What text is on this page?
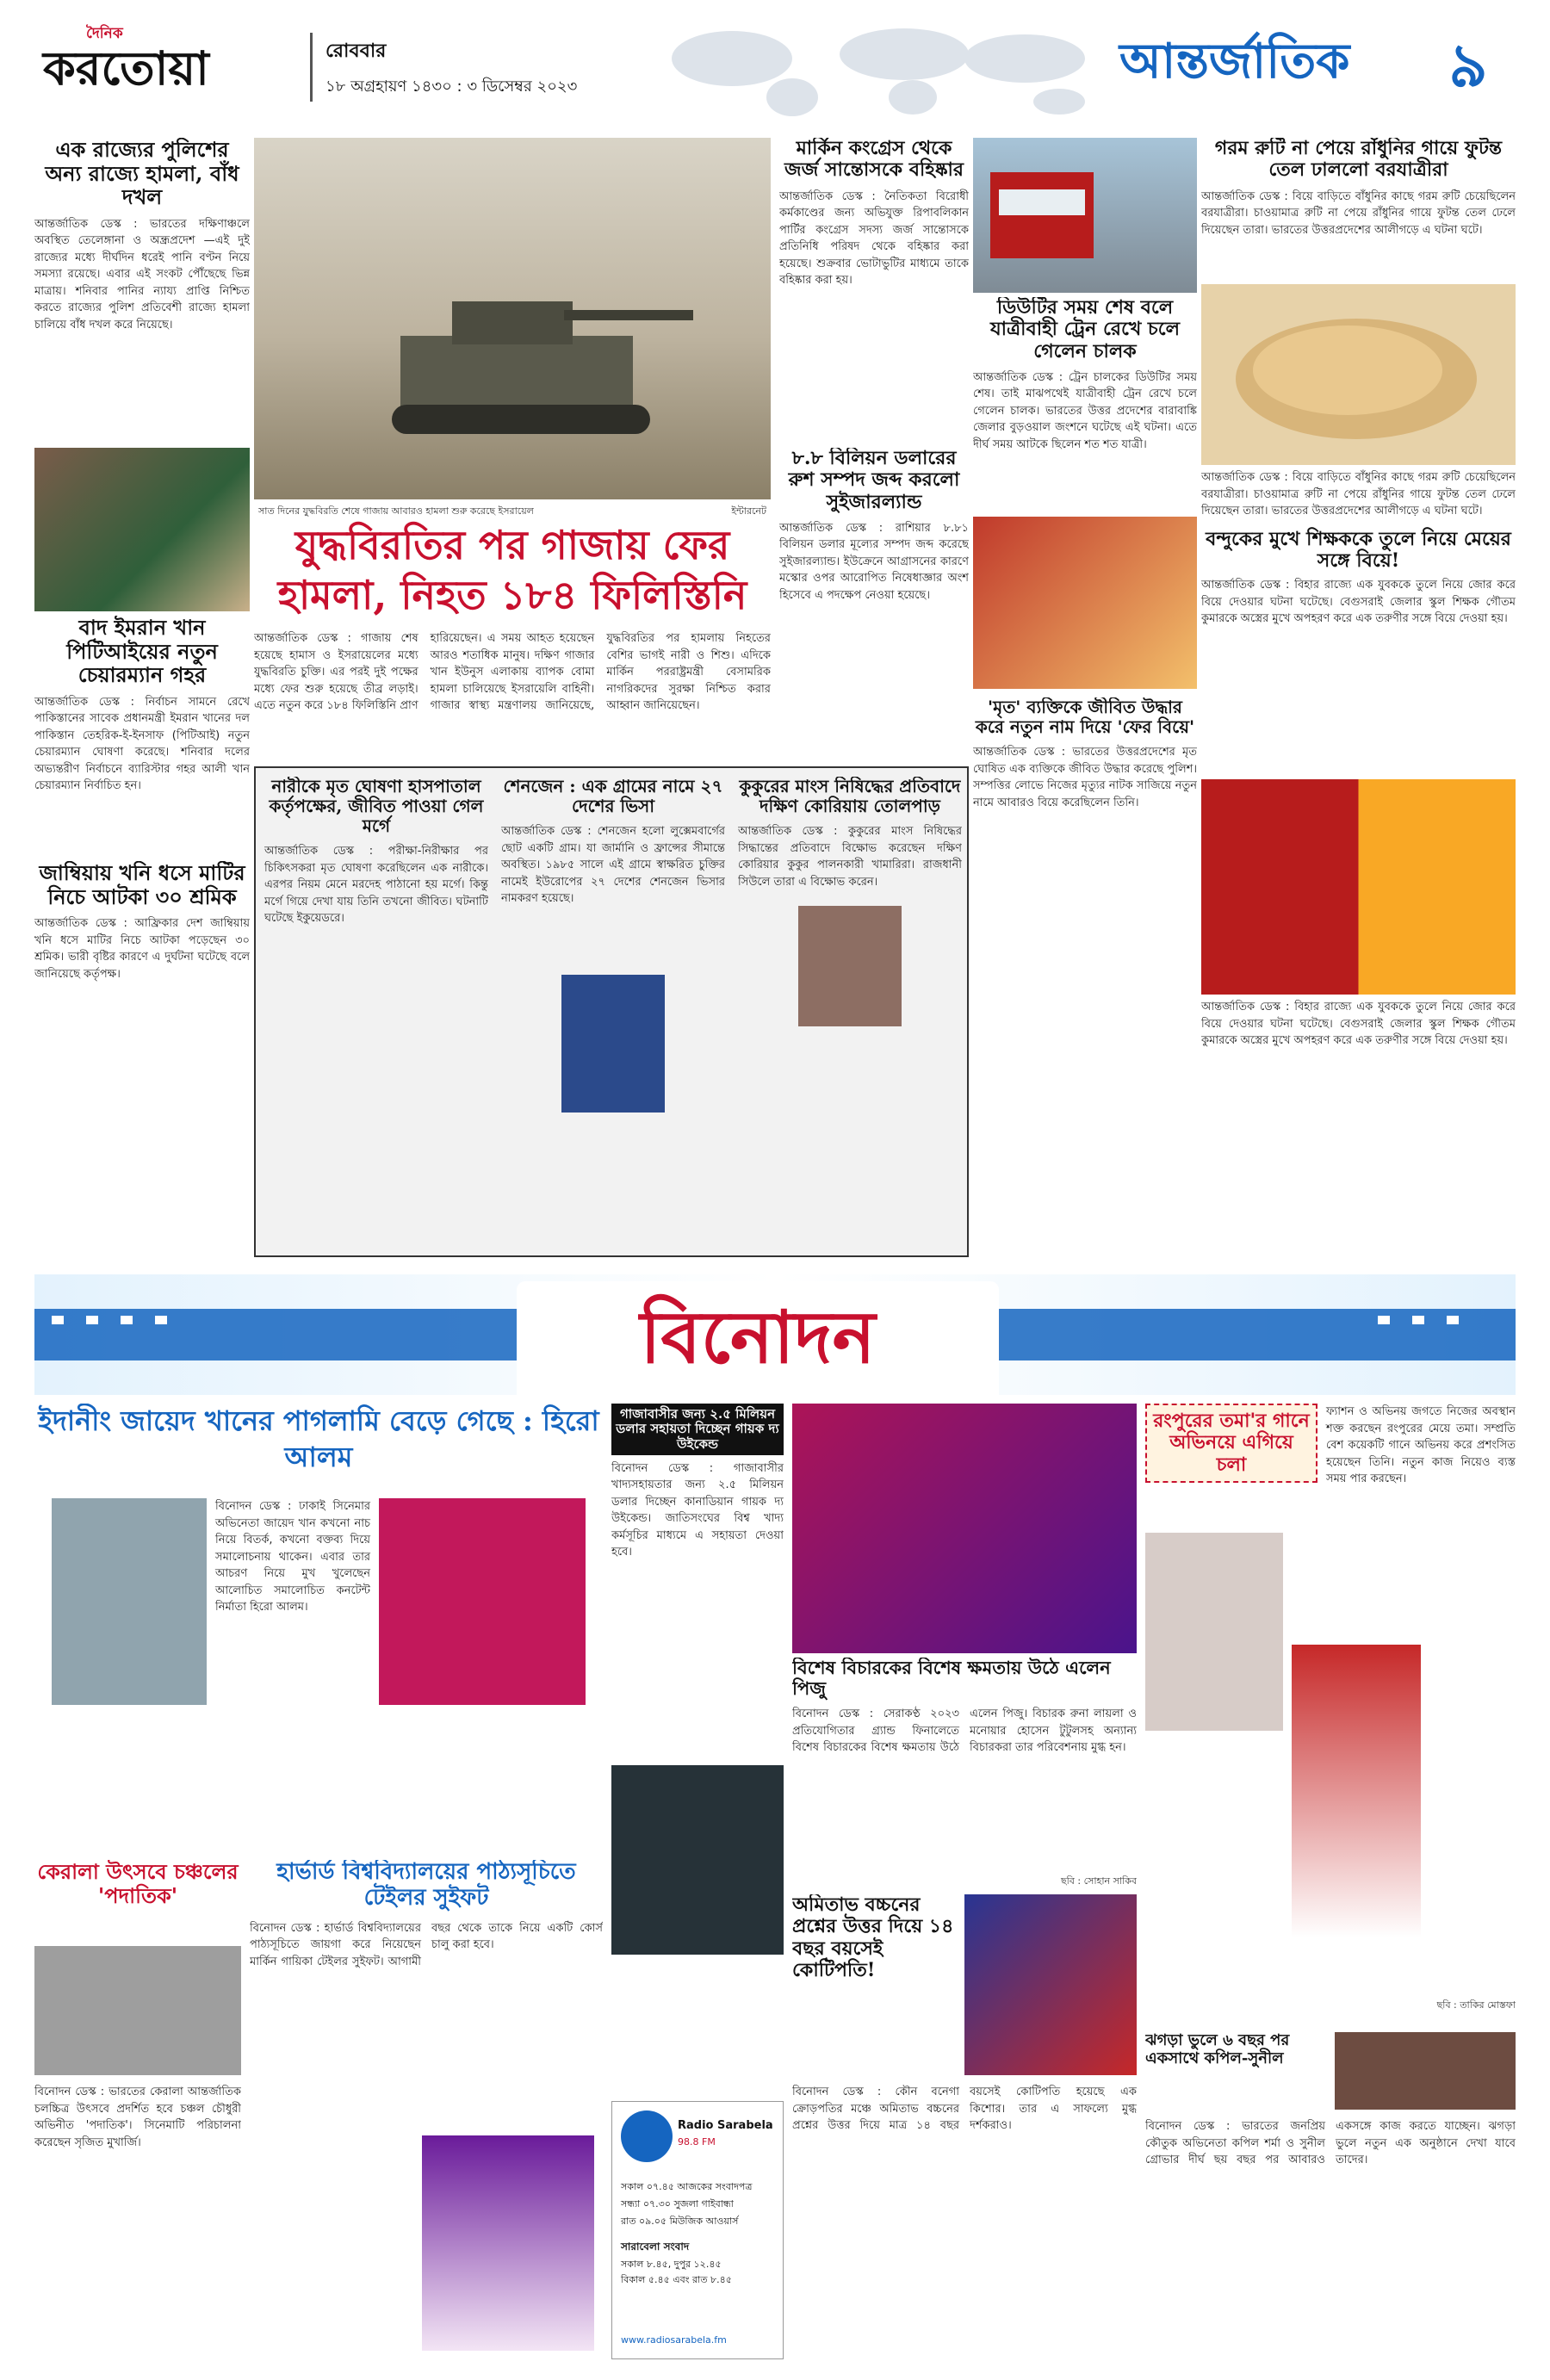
দৈনিক
করতোয়া	রোববার
১৮ অগ্রহায়ণ ১৪৩০ : ৩ ডিসেম্বর ২০২৩	আন্তর্জাতিক ৯
এক রাজ্যের পুলিশের অন্য রাজ্যে হামলা, বাঁধ দখল
আন্তর্জাতিক ডেস্ক : ভারতের দক্ষিণাঞ্চলে অবস্থিত তেলেঙ্গানা ও অন্ধ্রপ্রদেশ —এই দুই রাজ্যের মধ্যে দীর্ঘদিন ধরেই পানি বণ্টন নিয়ে সমস্যা রয়েছে। এবার এই সংকট পৌঁছেছে ভিন্ন মাত্রায়। শনিবার পানির ন্যায্য প্রাপ্তি নিশ্চিত করতে রাজ্যের পুলিশ প্রতিবেশী রাজ্যে হামলা চালিয়ে বাঁধ দখল করে নিয়েছে।
বাদ ইমরান খান পিটিআইয়ের নতুন চেয়ারম্যান গহর
আন্তর্জাতিক ডেস্ক : নির্বাচন সামনে রেখে পাকিস্তানের সাবেক প্রধানমন্ত্রী ইমরান খানের দল পাকিস্তান তেহরিক-ই-ইনসাফ (পিটিআই) নতুন চেয়ারম্যান ঘোষণা করেছে। শনিবার দলের অভ্যন্তরীণ নির্বাচনে ব্যারিস্টার গহর আলী খান চেয়ারম্যান নির্বাচিত হন।
জাম্বিয়ায় খনি ধসে মাটির নিচে আটকা ৩০ শ্রমিক
আন্তর্জাতিক ডেস্ক : আফ্রিকার দেশ জাম্বিয়ায় খনি ধসে মাটির নিচে আটকা পড়েছেন ৩০ শ্রমিক। ভারী বৃষ্টির কারণে এ দুর্ঘটনা ঘটেছে বলে জানিয়েছে কর্তৃপক্ষ।
সাত দিনের যুদ্ধবিরতি শেষে গাজায় আবারও হামলা শুরু করেছে ইসরায়েল	ইন্টারনেট
যুদ্ধবিরতির পর গাজায় ফের হামলা, নিহত ১৮৪ ফিলিস্তিনি
আন্তর্জাতিক ডেস্ক : গাজায় শেষ হয়েছে হামাস ও ইসরায়েলের মধ্যে যুদ্ধবিরতি চুক্তি। এর পরই দুই পক্ষের মধ্যে ফের শুরু হয়েছে তীব্র লড়াই। এতে নতুন করে ১৮৪ ফিলিস্তিনি প্রাণ হারিয়েছেন। এ সময় আহত হয়েছেন আরও শতাধিক মানুষ। দক্ষিণ গাজার খান ইউনুস এলাকায় ব্যাপক বোমা হামলা চালিয়েছে ইসরায়েলি বাহিনী। গাজার স্বাস্থ্য মন্ত্রণালয় জানিয়েছে, যুদ্ধবিরতির পর হামলায় নিহতের বেশির ভাগই নারী ও শিশু। এদিকে মার্কিন পররাষ্ট্রমন্ত্রী বেসামরিক নাগরিকদের সুরক্ষা নিশ্চিত করার আহ্বান জানিয়েছেন।
মার্কিন কংগ্রেস থেকে জর্জ সান্তোসকে বহিষ্কার
আন্তর্জাতিক ডেস্ক : নৈতিকতা বিরোধী কর্মকাণ্ডের জন্য অভিযুক্ত রিপাবলিকান পার্টির কংগ্রেস সদস্য জর্জ সান্তোসকে প্রতিনিধি পরিষদ থেকে বহিষ্কার করা হয়েছে। শুক্রবার ভোটাভুটির মাধ্যমে তাকে বহিষ্কার করা হয়।
৮.৮ বিলিয়ন ডলারের রুশ সম্পদ জব্দ করলো সুইজারল্যান্ড
আন্তর্জাতিক ডেস্ক : রাশিয়ার ৮.৮১ বিলিয়ন ডলার মূল্যের সম্পদ জব্দ করেছে সুইজারল্যান্ড। ইউক্রেনে আগ্রাসনের কারণে মস্কোর ওপর আরোপিত নিষেধাজ্ঞার অংশ হিসেবে এ পদক্ষেপ নেওয়া হয়েছে।
ডিউটির সময় শেষ বলে যাত্রীবাহী ট্রেন রেখে চলে গেলেন চালক
আন্তর্জাতিক ডেস্ক : ট্রেন চালকের ডিউটির সময় শেষ। তাই মাঝপথেই যাত্রীবাহী ট্রেন রেখে চলে গেলেন চালক। ভারতের উত্তর প্রদেশের বারাবাঙ্কি জেলার বুড়ওয়াল জংশনে ঘটেছে এই ঘটনা। এতে দীর্ঘ সময় আটকে ছিলেন শত শত যাত্রী।
'মৃত' ব্যক্তিকে জীবিত উদ্ধার করে নতুন নাম দিয়ে 'ফের বিয়ে'
আন্তর্জাতিক ডেস্ক : ভারতের উত্তরপ্রদেশের মৃত ঘোষিত এক ব্যক্তিকে জীবিত উদ্ধার করেছে পুলিশ। সম্পত্তির লোভে নিজের মৃত্যুর নাটক সাজিয়ে নতুন নামে আবারও বিয়ে করেছিলেন তিনি।
গরম রুটি না পেয়ে রাঁধুনির গায়ে ফুটন্ত তেল ঢাললো বরযাত্রীরা
আন্তর্জাতিক ডেস্ক : বিয়ে বাড়িতে বাঁধুনির কাছে গরম রুটি চেয়েছিলেন বরযাত্রীরা। চাওয়ামাত্র রুটি না পেয়ে রাঁধুনির গায়ে ফুটন্ত তেল ঢেলে দিয়েছেন তারা। ভারতের উত্তরপ্রদেশের আলীগড়ে এ ঘটনা ঘটে।
আন্তর্জাতিক ডেস্ক : বিয়ে বাড়িতে বাঁধুনির কাছে গরম রুটি চেয়েছিলেন বরযাত্রীরা। চাওয়ামাত্র রুটি না পেয়ে রাঁধুনির গায়ে ফুটন্ত তেল ঢেলে দিয়েছেন তারা। ভারতের উত্তরপ্রদেশের আলীগড়ে এ ঘটনা ঘটে।
বন্দুকের মুখে শিক্ষককে তুলে নিয়ে মেয়ের সঙ্গে বিয়ে!
আন্তর্জাতিক ডেস্ক : বিহার রাজ্যে এক যুবককে তুলে নিয়ে জোর করে বিয়ে দেওয়ার ঘটনা ঘটেছে। বেগুসরাই জেলার স্কুল শিক্ষক গৌতম কুমারকে অস্ত্রের মুখে অপহরণ করে এক তরুণীর সঙ্গে বিয়ে দেওয়া হয়।
আন্তর্জাতিক ডেস্ক : বিহার রাজ্যে এক যুবককে তুলে নিয়ে জোর করে বিয়ে দেওয়ার ঘটনা ঘটেছে। বেগুসরাই জেলার স্কুল শিক্ষক গৌতম কুমারকে অস্ত্রের মুখে অপহরণ করে এক তরুণীর সঙ্গে বিয়ে দেওয়া হয়।
নারীকে মৃত ঘোষণা হাসপাতাল কর্তৃপক্ষের, জীবিত পাওয়া গেল মর্গে
আন্তর্জাতিক ডেস্ক : পরীক্ষা-নিরীক্ষার পর চিকিৎসকরা মৃত ঘোষণা করেছিলেন এক নারীকে। এরপর নিয়ম মেনে মরদেহ পাঠানো হয় মর্গে। কিন্তু মর্গে গিয়ে দেখা যায় তিনি তখনো জীবিত। ঘটনাটি ঘটেছে ইকুয়েডরে।
শেনজেন : এক গ্রামের নামে ২৭ দেশের ভিসা
আন্তর্জাতিক ডেস্ক : শেনজেন হলো লুক্সেমবার্গের ছোট একটি গ্রাম। যা জার্মানি ও ফ্রান্সের সীমান্তে অবস্থিত। ১৯৮৫ সালে এই গ্রামে স্বাক্ষরিত চুক্তির নামেই ইউরোপের ২৭ দেশের শেনজেন ভিসার নামকরণ হয়েছে।
কুকুরের মাংস নিষিদ্ধের প্রতিবাদে দক্ষিণ কোরিয়ায় তোলপাড়
আন্তর্জাতিক ডেস্ক : কুকুরের মাংস নিষিদ্ধের সিদ্ধান্তের প্রতিবাদে বিক্ষোভ করেছেন দক্ষিণ কোরিয়ার কুকুর পালনকারী খামারিরা। রাজধানী সিউলে তারা এ বিক্ষোভ করেন।
বিনোদন
ইদানীং জায়েদ খানের পাগলামি বেড়ে গেছে : হিরো আলম
বিনোদন ডেস্ক : ঢাকাই সিনেমার অভিনেতা জায়েদ খান কখনো নাচ নিয়ে বিতর্ক, কখনো বক্তব্য দিয়ে সমালোচনায় থাকেন। এবার তার আচরণ নিয়ে মুখ খুলেছেন আলোচিত সমালোচিত কনটেন্ট নির্মাতা হিরো আলম।
কেরালা উৎসবে চঞ্চলের 'পদাতিক'
বিনোদন ডেস্ক : ভারতের কেরালা আন্তর্জাতিক চলচ্চিত্র উৎসবে প্রদর্শিত হবে চঞ্চল চৌধুরী অভিনীত 'পদাতিক'। সিনেমাটি পরিচালনা করেছেন সৃজিত মুখার্জি।
হার্ভার্ড বিশ্ববিদ্যালয়ের পাঠ্যসূচিতে টেইলর সুইফট
বিনোদন ডেস্ক : হার্ভার্ড বিশ্ববিদ্যালয়ের পাঠ্যসূচিতে জায়গা করে নিয়েছেন মার্কিন গায়িকা টেইলর সুইফট। আগামী বছর থেকে তাকে নিয়ে একটি কোর্স চালু করা হবে।
গাজাবাসীর জন্য ২.৫ মিলিয়ন ডলার সহায়তা দিচ্ছেন গায়ক দ্য উইকেন্ড
বিনোদন ডেস্ক : গাজাবাসীর খাদ্যসহায়তার জন্য ২.৫ মিলিয়ন ডলার দিচ্ছেন কানাডিয়ান গায়ক দ্য উইকেন্ড। জাতিসংঘের বিশ্ব খাদ্য কর্মসূচির মাধ্যমে এ সহায়তা দেওয়া হবে।
Radio Sarabela
98.8 FM
সকাল ০৭.৪৫ আজকের সংবাদপত্র
সন্ধ্যা ০৭.৩০ সুজলা গাইবান্ধা
রাত ০৯.০৫ মিউজিক আওয়ার্স
সারাবেলা সংবাদ
সকাল ৮.৪৫, দুপুর ১২.৪৫
বিকাল ৫.৪৫ এবং রাত ৮.৪৫
www.radiosarabela.fm
বিশেষ বিচারকের বিশেষ ক্ষমতায় উঠে এলেন পিজু
বিনোদন ডেস্ক : সেরাকণ্ঠ ২০২৩ প্রতিযোগিতার গ্র্যান্ড ফিনালেতে বিশেষ বিচারকের বিশেষ ক্ষমতায় উঠে এলেন পিজু। বিচারক রুনা লায়লা ও মনোয়ার হোসেন টুটুলসহ অন্যান্য বিচারকরা তার পরিবেশনায় মুগ্ধ হন।
ছবি : সোহান সাকিব
অমিতাভ বচ্চনের প্রশ্নের উত্তর দিয়ে ১৪ বছর বয়সেই কোটিপতি!
বিনোদন ডেস্ক : কৌন বনেগা ক্রোড়পতির মঞ্চে অমিতাভ বচ্চনের প্রশ্নের উত্তর দিয়ে মাত্র ১৪ বছর বয়সেই কোটিপতি হয়েছে এক কিশোর। তার এ সাফল্যে মুগ্ধ দর্শকরাও।
রংপুরের তমা'র গানে অভিনয়ে এগিয়ে চলা
ফ্যাশন ও অভিনয় জগতে নিজের অবস্থান শক্ত করছেন রংপুরের মেয়ে তমা। সম্প্রতি বেশ কয়েকটি গানে অভিনয় করে প্রশংসিত হয়েছেন তিনি। নতুন কাজ নিয়েও ব্যস্ত সময় পার করছেন।
ছবি : তাকির মোস্তফা
ঝগড়া ভুলে ৬ বছর পর একসাথে কপিল-সুনীল
বিনোদন ডেস্ক : ভারতের জনপ্রিয় কৌতুক অভিনেতা কপিল শর্মা ও সুনীল গ্রোভার দীর্ঘ ছয় বছর পর আবারও একসঙ্গে কাজ করতে যাচ্ছেন। ঝগড়া ভুলে নতুন এক অনুষ্ঠানে দেখা যাবে তাদের।
